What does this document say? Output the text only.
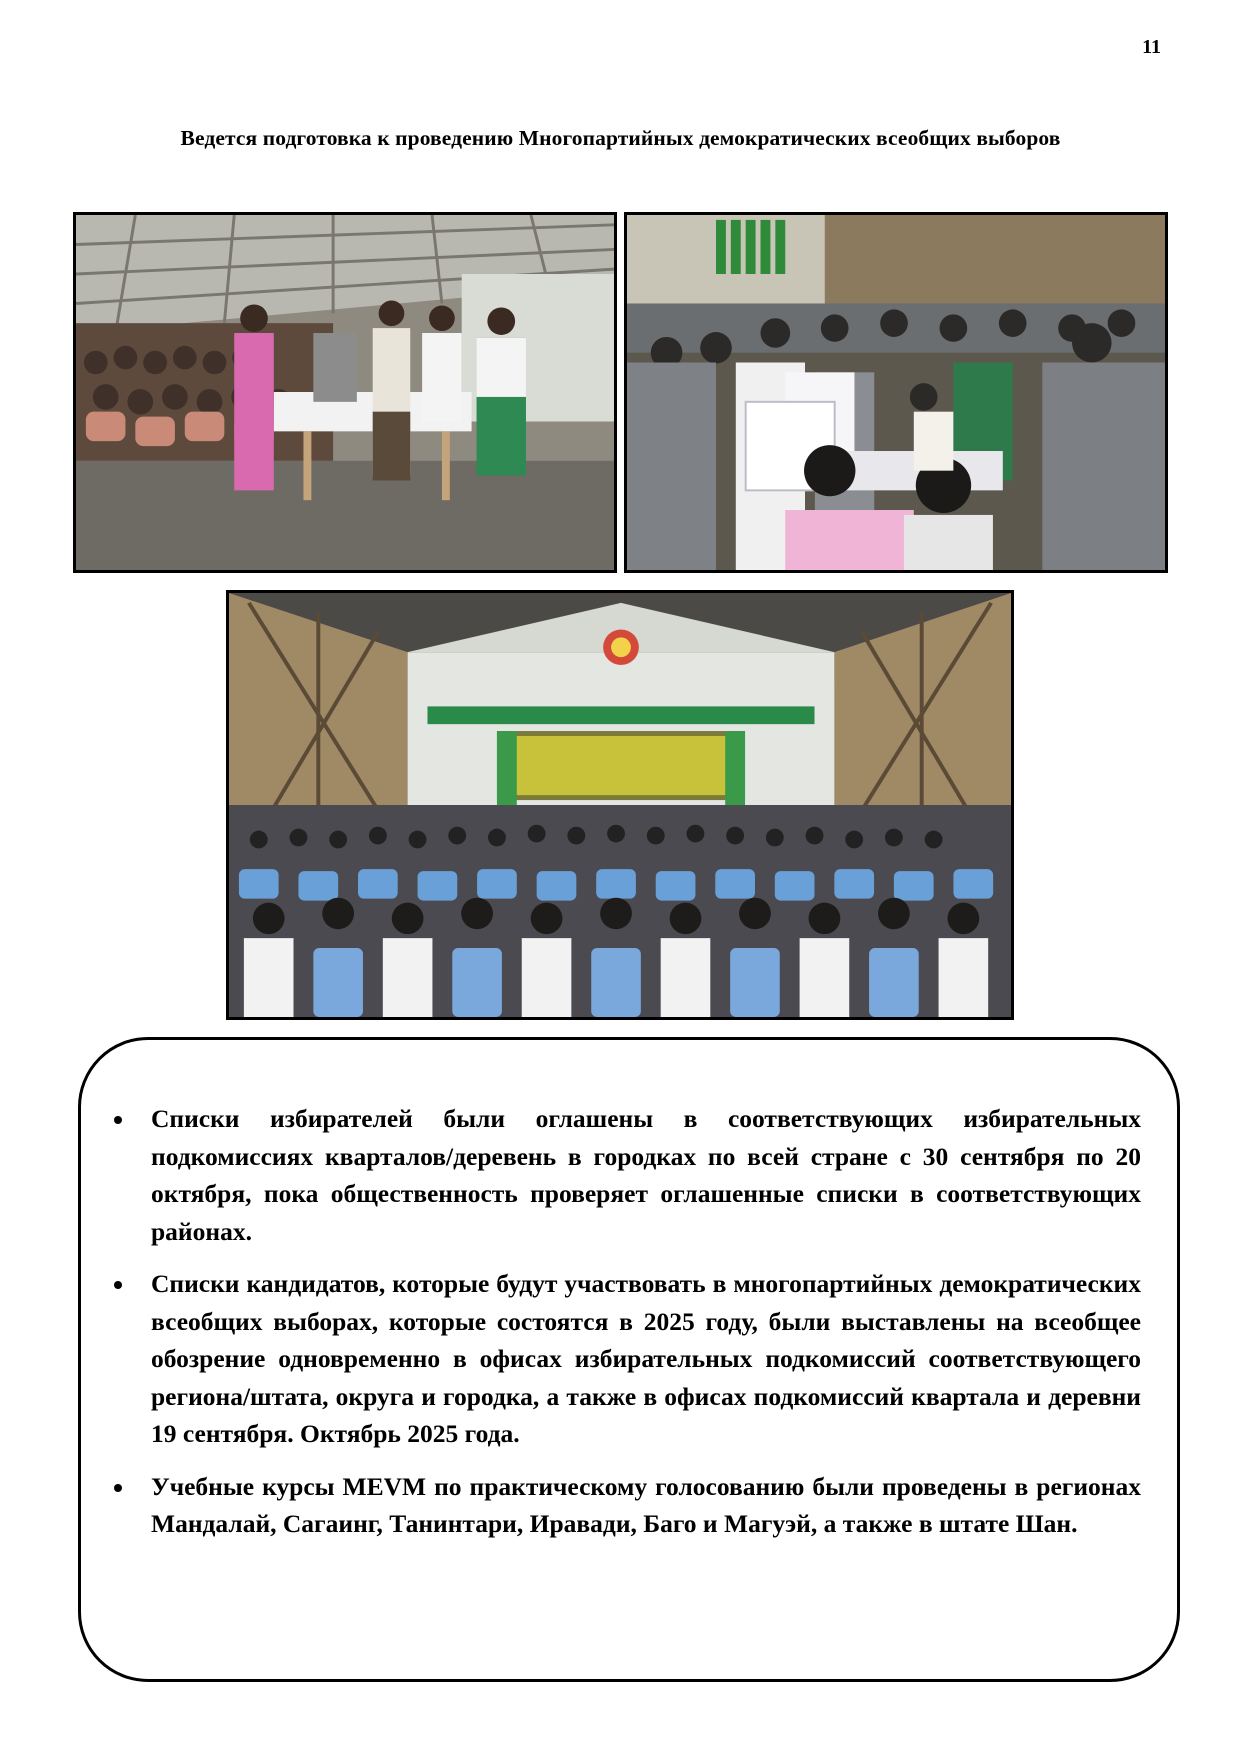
11
Ведется подготовка к проведению Многопартийных демократических всеобщих выборов
Списки избирателей были оглашены в соответствующих избирательных подкомиссиях кварталов/деревень в городках по всей стране с 30 сентября по 20 октября, пока общественность проверяет оглашенные списки в соответствующих районах.
Списки кандидатов, которые будут участвовать в многопартийных демократических всеобщих выборах, которые состоятся в 2025 году, были выставлены на всеобщее обозрение одновременно в офисах избирательных подкомиссий соответствующего региона/штата, округа и городка, а также в офисах подкомиссий квартала и деревни 19 сентября. Октябрь 2025 года.
Учебные курсы MEVM по практическому голосованию были проведены в регионах Мандалай, Сагаинг, Танинтари, Иравади, Баго и Магуэй, а также в штате Шан.
